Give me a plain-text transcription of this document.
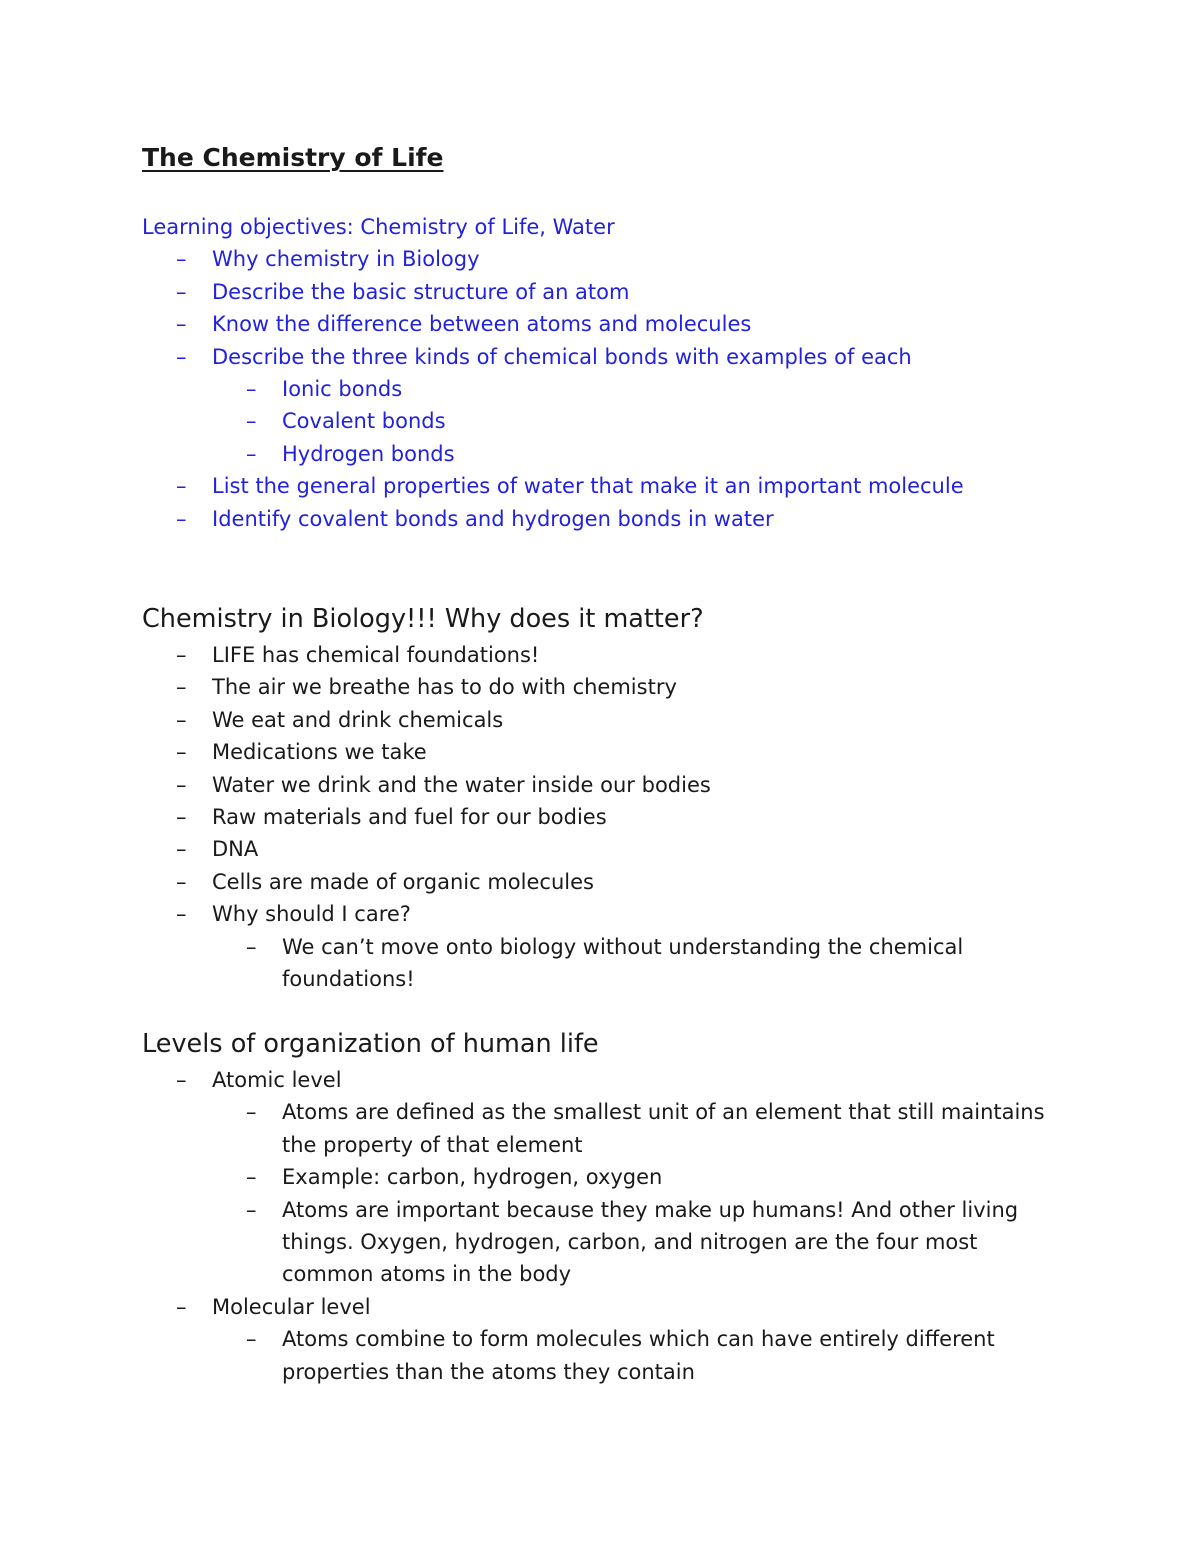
The Chemistry of Life
Learning objectives: Chemistry of Life, Water
– Why chemistry in Biology
– Describe the basic structure of an atom
– Know the difference between atoms and molecules
– Describe the three kinds of chemical bonds with examples of each
– Ionic bonds
– Covalent bonds
– Hydrogen bonds
– List the general properties of water that make it an important molecule
– Identify covalent bonds and hydrogen bonds in water
Chemistry in Biology!!! Why does it matter?
– LIFE has chemical foundations!
– The air we breathe has to do with chemistry
– We eat and drink chemicals
– Medications we take
– Water we drink and the water inside our bodies
– Raw materials and fuel for our bodies
– DNA
– Cells are made of organic molecules
– Why should I care?
– We can’t move onto biology without understanding the chemical foundations!
Levels of organization of human life
– Atomic level
– Atoms are defined as the smallest unit of an element that still maintains the property of that element
– Example: carbon, hydrogen, oxygen
– Atoms are important because they make up humans! And other living things. Oxygen, hydrogen, carbon, and nitrogen are the four most common atoms in the body
– Molecular level
– Atoms combine to form molecules which can have entirely different properties than the atoms they contain
